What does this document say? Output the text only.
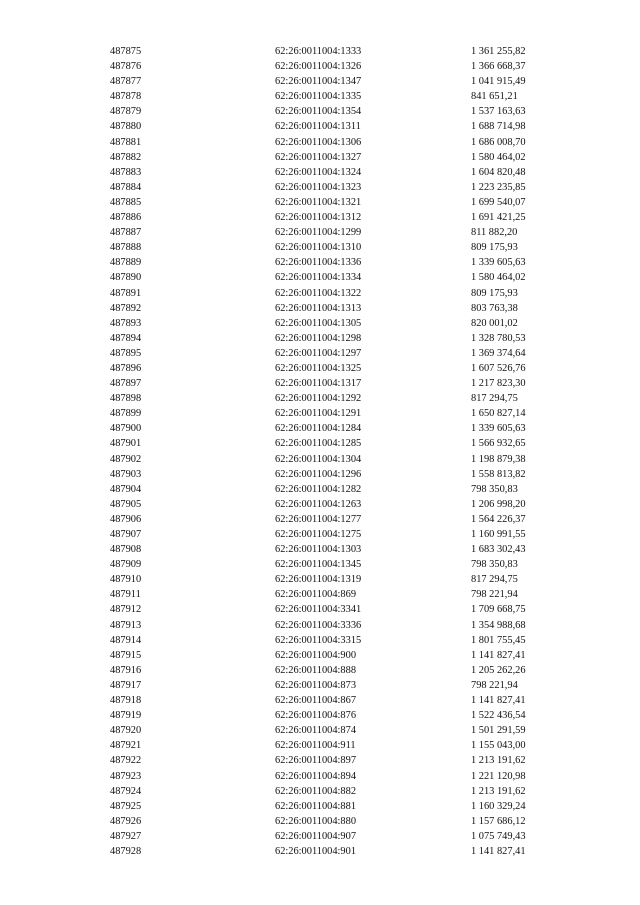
487875	62:26:0011004:1333	1 361 255,82
487876	62:26:0011004:1326	1 366 668,37
487877	62:26:0011004:1347	1 041 915,49
487878	62:26:0011004:1335	841 651,21
487879	62:26:0011004:1354	1 537 163,63
487880	62:26:0011004:1311	1 688 714,98
487881	62:26:0011004:1306	1 686 008,70
487882	62:26:0011004:1327	1 580 464,02
487883	62:26:0011004:1324	1 604 820,48
487884	62:26:0011004:1323	1 223 235,85
487885	62:26:0011004:1321	1 699 540,07
487886	62:26:0011004:1312	1 691 421,25
487887	62:26:0011004:1299	811 882,20
487888	62:26:0011004:1310	809 175,93
487889	62:26:0011004:1336	1 339 605,63
487890	62:26:0011004:1334	1 580 464,02
487891	62:26:0011004:1322	809 175,93
487892	62:26:0011004:1313	803 763,38
487893	62:26:0011004:1305	820 001,02
487894	62:26:0011004:1298	1 328 780,53
487895	62:26:0011004:1297	1 369 374,64
487896	62:26:0011004:1325	1 607 526,76
487897	62:26:0011004:1317	1 217 823,30
487898	62:26:0011004:1292	817 294,75
487899	62:26:0011004:1291	1 650 827,14
487900	62:26:0011004:1284	1 339 605,63
487901	62:26:0011004:1285	1 566 932,65
487902	62:26:0011004:1304	1 198 879,38
487903	62:26:0011004:1296	1 558 813,82
487904	62:26:0011004:1282	798 350,83
487905	62:26:0011004:1263	1 206 998,20
487906	62:26:0011004:1277	1 564 226,37
487907	62:26:0011004:1275	1 160 991,55
487908	62:26:0011004:1303	1 683 302,43
487909	62:26:0011004:1345	798 350,83
487910	62:26:0011004:1319	817 294,75
487911	62:26:0011004:869	798 221,94
487912	62:26:0011004:3341	1 709 668,75
487913	62:26:0011004:3336	1 354 988,68
487914	62:26:0011004:3315	1 801 755,45
487915	62:26:0011004:900	1 141 827,41
487916	62:26:0011004:888	1 205 262,26
487917	62:26:0011004:873	798 221,94
487918	62:26:0011004:867	1 141 827,41
487919	62:26:0011004:876	1 522 436,54
487920	62:26:0011004:874	1 501 291,59
487921	62:26:0011004:911	1 155 043,00
487922	62:26:0011004:897	1 213 191,62
487923	62:26:0011004:894	1 221 120,98
487924	62:26:0011004:882	1 213 191,62
487925	62:26:0011004:881	1 160 329,24
487926	62:26:0011004:880	1 157 686,12
487927	62:26:0011004:907	1 075 749,43
487928	62:26:0011004:901	1 141 827,41
